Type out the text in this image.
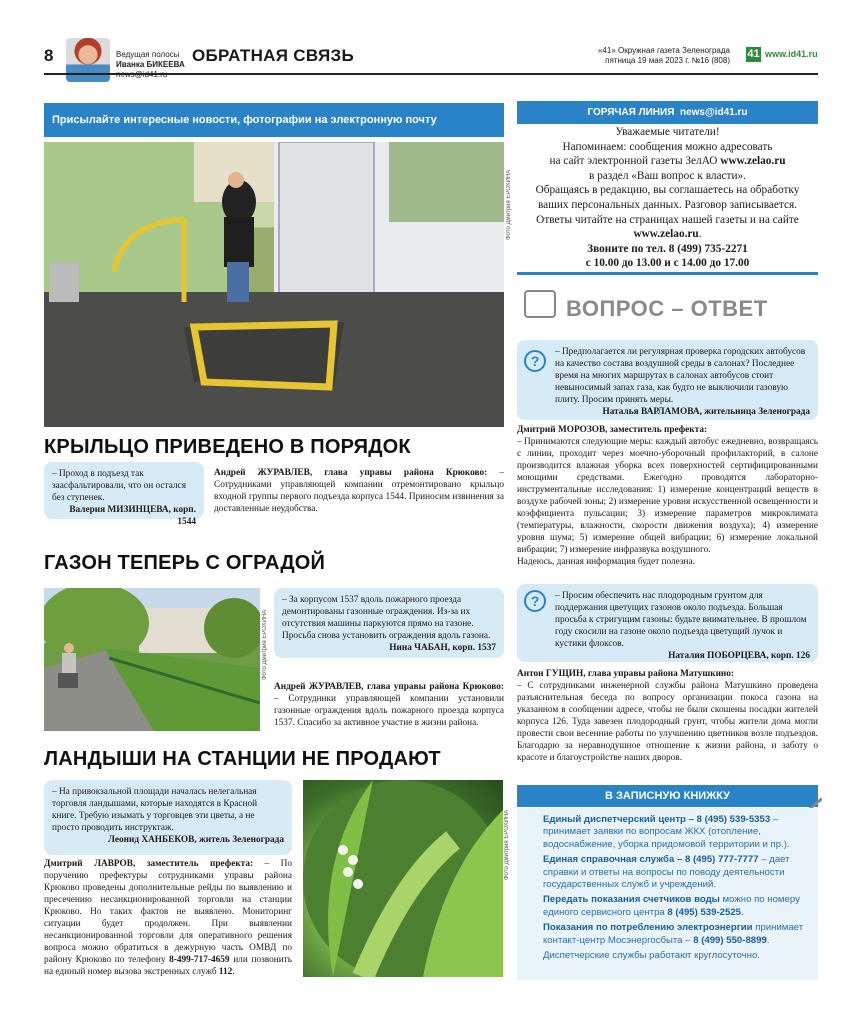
8	Ведущая полосы
Иванка БИКЕЕВА ОБРАТНАЯ СВЯЗЬ	«41» Окружная газета Зеленограда
пятница 19 мая 2023 г. №16 (808)
41 www.id41.ru
Присылайте интересные новости, фотографии на электронную почту
Фото Дмитрия ЕРОХИНА
КРЫЛЬЦО ПРИВЕДЕНО В ПОРЯДОК
– Проход в подъезд так заасфальтировали, что он остался без ступенек.
Валерия МИЗИНЦЕВА, корп. 1544
Андрей ЖУРАВЛЕВ, глава управы района Крюково: – Сотрудниками управляющей компании отремонтировано крыльцо входной группы первого подъезда корпуса 1544. Приносим извинения за доставленные неудобства.
ГАЗОН ТЕПЕРЬ С ОГРАДОЙ
Фото Дмитрия ЕРОХИНА
– За корпусом 1537 вдоль пожарного проезда демонтированы газонные ограждения. Из-за их отсутствия машины паркуются прямо на газоне. Просьба снова установить ограждения вдоль газона.
Нина ЧАБАН, корп. 1537
Андрей ЖУРАВЛЕВ, глава управы района Крюково: – Сотрудники управляющей компании установили газонные ограждения вдоль пожарного проезда корпуса 1537. Спасибо за активное участие в жизни района.
ЛАНДЫШИ НА СТАНЦИИ НЕ ПРОДАЮТ
– На привокзальной площади началась нелегальная торговля ландышами, которые находятся в Красной книге. Требую изымать у торговцев эти цветы, а не просто проводить инструктаж.
Леонид ХАНБЕКОВ, житель Зеленограда
Дмитрий ЛАВРОВ, заместитель префекта: – По поручению префектуры сотрудниками управы района Крюково проведены дополнительные рейды по выявлению и пресечению несанкционированной торговли на станции Крюково. Но таких фактов не выявлено. Мониторинг ситуации будет продолжен. При выявлении несанкционированной торговли для оперативного решения вопроса можно обратиться в дежурную часть ОМВД по району Крюково по телефону 8-499-717-4659 или позвонить на единый номер вызова экстренных служб 112.
Фото Дмитрия ЕРОХИНА
ГОРЯЧАЯ ЛИНИЯ news@id41.ru
Уважаемые читатели!
Напоминаем: сообщения можно адресовать
на сайт электронной газеты ЗелАО www.zelao.ru
в раздел «Ваш вопрос к власти».
Обращаясь в редакцию, вы соглашаетесь на обработку
ваших персональных данных. Разговор записывается.
Ответы читайте на страницах нашей газеты и на сайте
www.zelao.ru.
Звоните по тел. 8 (499) 735-2271
с 10.00 до 13.00 и с 14.00 до 17.00
ВОПРОС – ОТВЕТ
– Предполагается ли регулярная проверка городских автобусов на качество состава воздушной среды в салонах? Последнее время на многих маршрутах в салонах автобусов стоит невыносимый запах газа, как будто не выключили газовую плиту. Просим принять меры.
Наталья ВАРЛАМОВА, жительница Зеленограда
?
Дмитрий МОРОЗОВ, заместитель префекта:
– Принимаются следующие меры: каждый автобус ежедневно, возвращаясь с линии, проходит через моечно-уборочный профилакторий, в салоне производится влажная уборка всех поверхностей сертифицированными моющими средствами. Ежегодно проводятся лабораторно-инструментальные исследования: 1) измерение концентраций веществ в воздухе рабочей зоны; 2) измерение уровня искусственной освещенности и коэффициента пульсации; 3) измерение параметров микроклимата (температуры, влажности, скорости движения воздуха); 4) измерение уровня шума; 5) измерение общей вибрации; 6) измерение локальной вибрации; 7) измерение инфразвука воздушного.
Надеюсь, данная информация будет полезна.
– Просим обеспечить нас плодородным грунтом для поддержания цветущих газонов около подъезда. Большая просьба к стригущим газоны: будьте внимательнее. В прошлом году скосили на газоне около подъезда цветущий лучок и кустики флоксов.
Наталия ПОБОРЦЕВА, корп. 126
?
Антон ГУЩИН, глава управы района Матушкино:
– С сотрудниками инженерной службы района Матушкино проведена разъяснительная беседа по вопросу организации покоса газона на указанном в сообщении адресе, чтобы не были скошены посадки жителей корпуса 126. Туда завезен плодородный грунт, чтобы жители дома могли провести свои весенние работы по улучшению цветников возле подъездов. Благодарю за неравнодушное отношение к жизни района, и заботу о красоте и благоустройстве наших дворов.
В ЗАПИСНУЮ КНИЖКУ

Единый диспетчерский центр – 8 (495) 539-5353 – принимает заявки по вопросам ЖКХ (отопление, водоснабжение, уборка придомовой территории и пр.).

Единая справочная служба – 8 (495) 777-7777 – дает справки и ответы на вопросы по поводу деятельности государственных служб и учреждений.

Передать показания счетчиков воды можно по номеру единого сервисного центра 8 (495) 539-2525.

Показания по потреблению электроэнергии принимает контакт-центр Мосэнергосбыта – 8 (499) 550-8899.

Диспетчерские службы работают круглосуточно.
